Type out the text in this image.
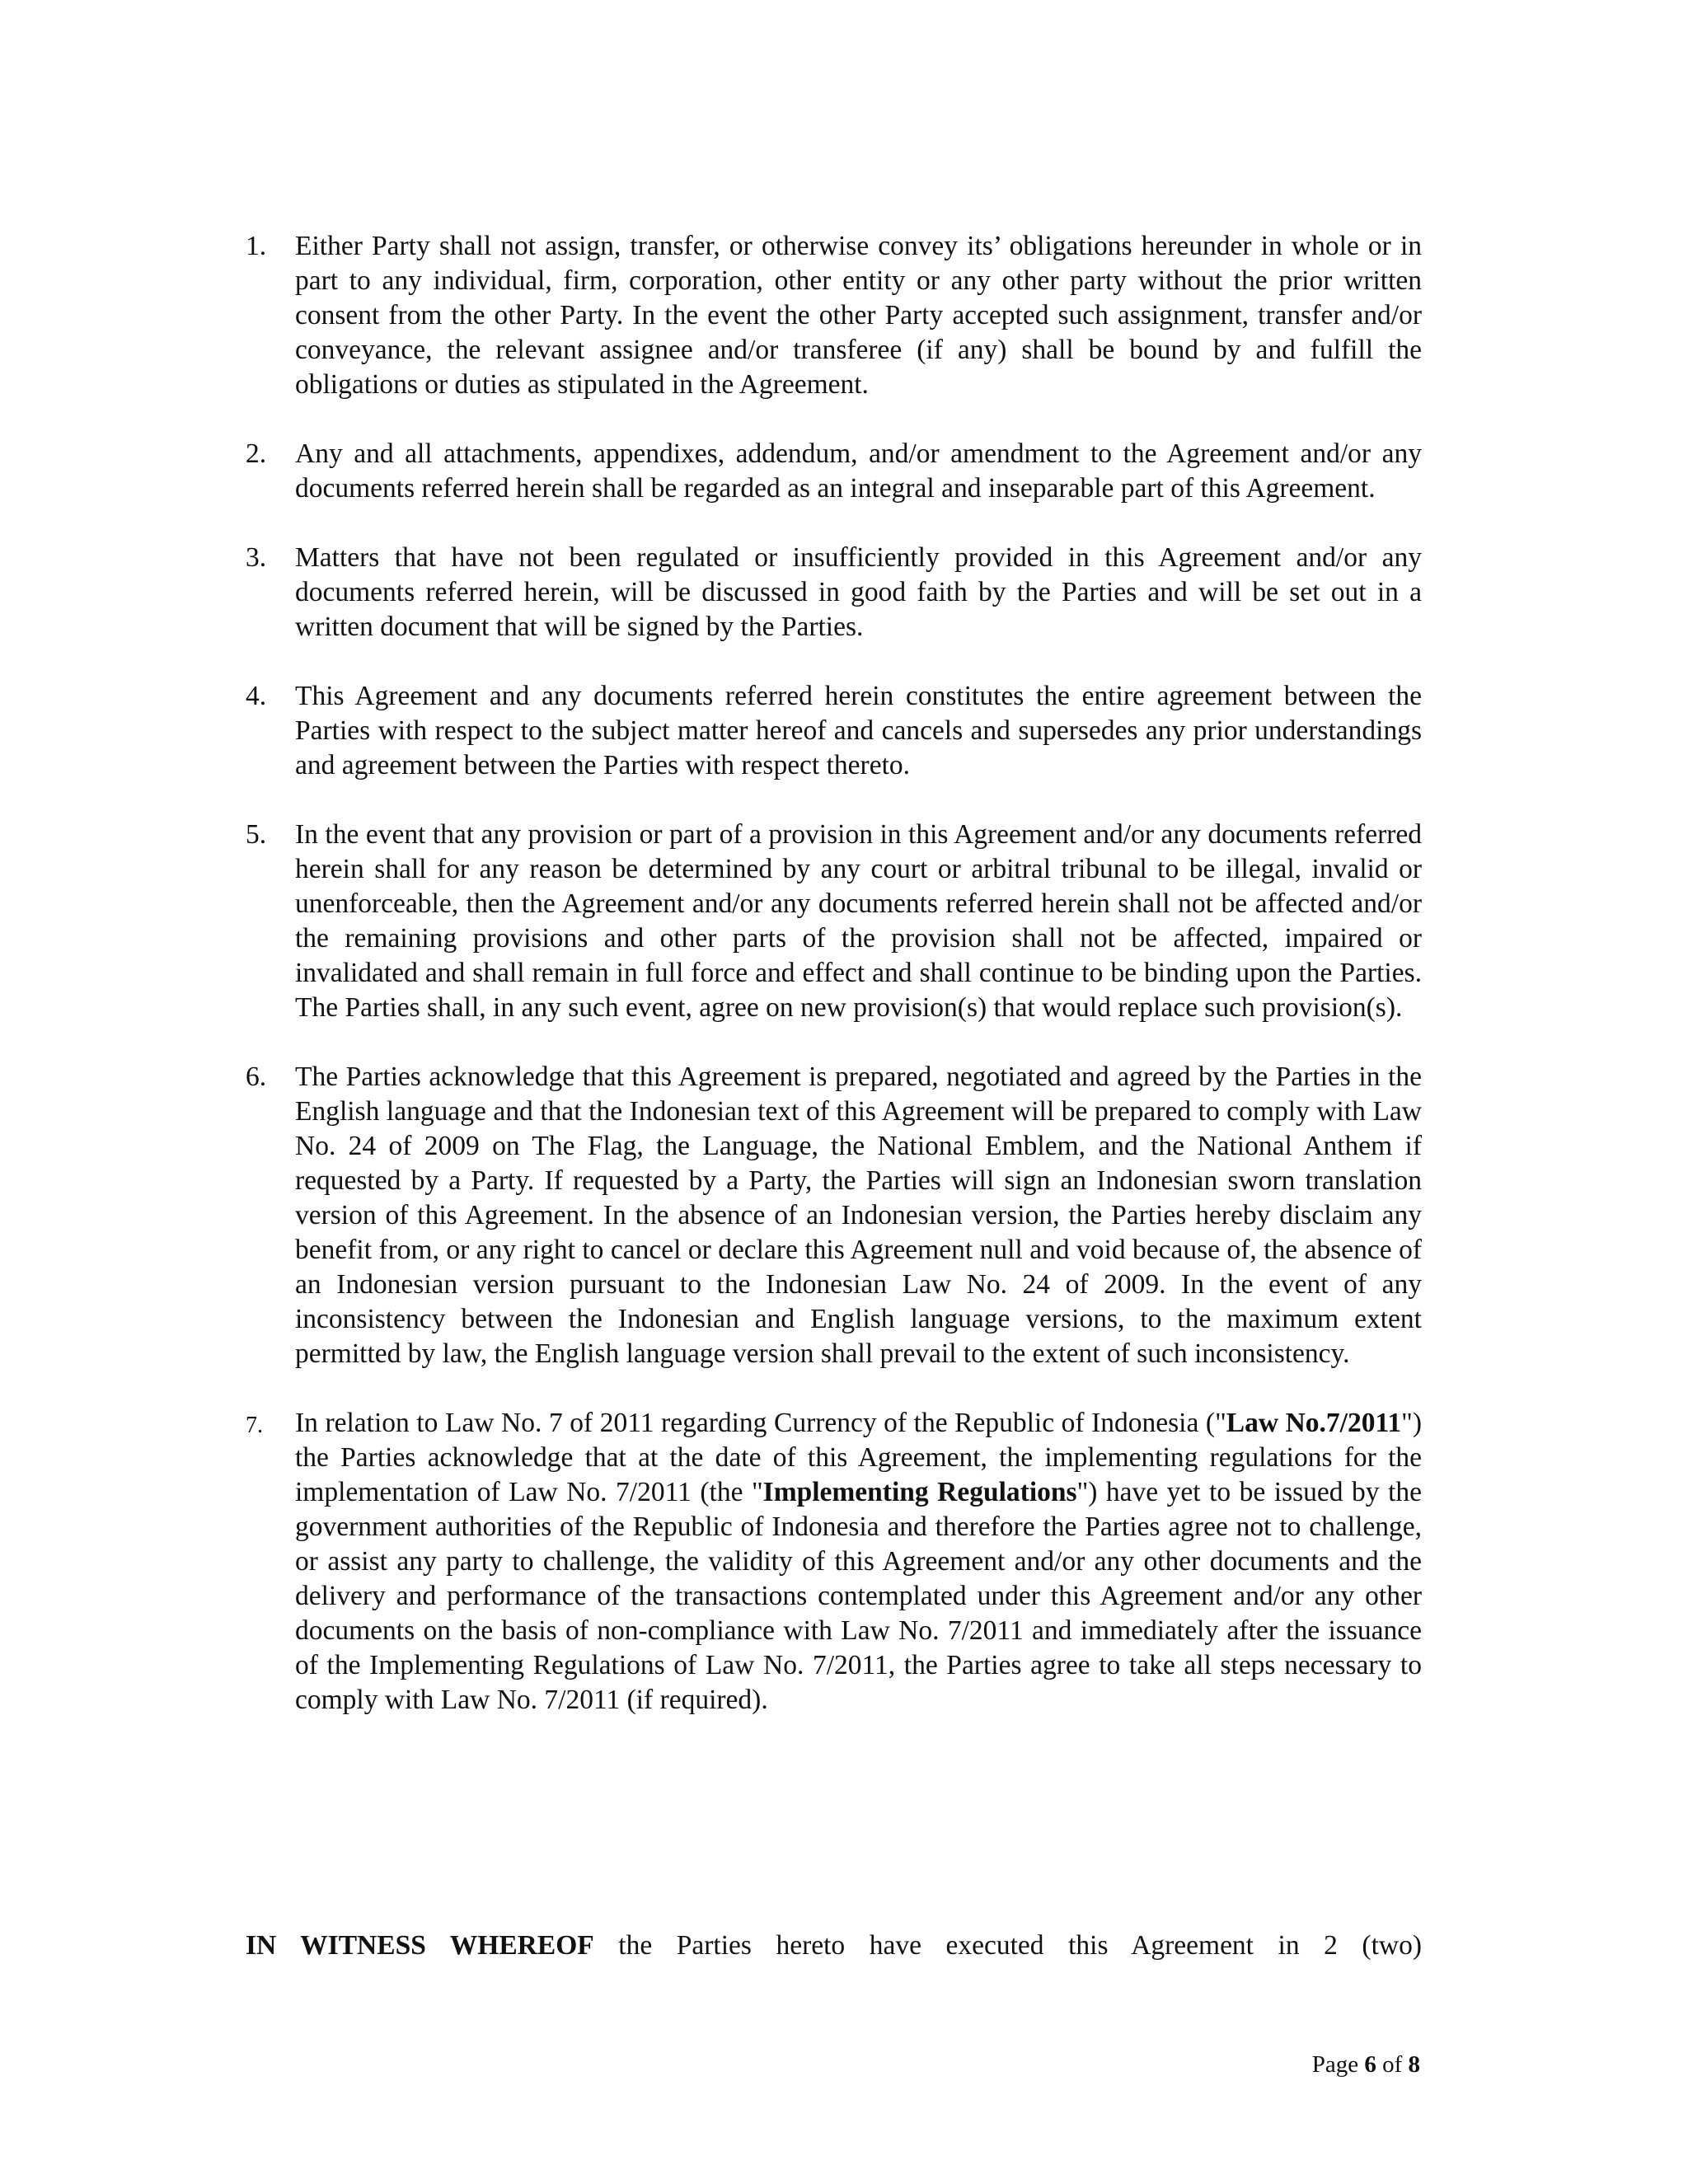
1. Either Party shall not assign, transfer, or otherwise convey its’ obligations hereunder in whole or in part to any individual, firm, corporation, other entity or any other party without the prior written consent from the other Party. In the event the other Party accepted such assignment, transfer and/or conveyance, the relevant assignee and/or transferee (if any) shall be bound by and fulfill the obligations or duties as stipulated in the Agreement.
2. Any and all attachments, appendixes, addendum, and/or amendment to the Agreement and/or any documents referred herein shall be regarded as an integral and inseparable part of this Agreement.
3. Matters that have not been regulated or insufficiently provided in this Agreement and/or any documents referred herein, will be discussed in good faith by the Parties and will be set out in a written document that will be signed by the Parties.
4. This Agreement and any documents referred herein constitutes the entire agreement between the Parties with respect to the subject matter hereof and cancels and supersedes any prior understandings and agreement between the Parties with respect thereto.
5. In the event that any provision or part of a provision in this Agreement and/or any documents referred herein shall for any reason be determined by any court or arbitral tribunal to be illegal, invalid or unenforceable, then the Agreement and/or any documents referred herein shall not be affected and/or the remaining provisions and other parts of the provision shall not be affected, impaired or invalidated and shall remain in full force and effect and shall continue to be binding upon the Parties. The Parties shall, in any such event, agree on new provision(s) that would replace such provision(s).
6. The Parties acknowledge that this Agreement is prepared, negotiated and agreed by the Parties in the English language and that the Indonesian text of this Agreement will be prepared to comply with Law No. 24 of 2009 on The Flag, the Language, the National Emblem, and the National Anthem if requested by a Party. If requested by a Party, the Parties will sign an Indonesian sworn translation version of this Agreement. In the absence of an Indonesian version, the Parties hereby disclaim any benefit from, or any right to cancel or declare this Agreement null and void because of, the absence of an Indonesian version pursuant to the Indonesian Law No. 24 of 2009. In the event of any inconsistency between the Indonesian and English language versions, to the maximum extent permitted by law, the English language version shall prevail to the extent of such inconsistency.
7. In relation to Law No. 7 of 2011 regarding Currency of the Republic of Indonesia ("Law No.7/2011") the Parties acknowledge that at the date of this Agreement, the implementing regulations for the implementation of Law No. 7/2011 (the "Implementing Regulations") have yet to be issued by the government authorities of the Republic of Indonesia and therefore the Parties agree not to challenge, or assist any party to challenge, the validity of this Agreement and/or any other documents and the delivery and performance of the transactions contemplated under this Agreement and/or any other documents on the basis of non-compliance with Law No. 7/2011 and immediately after the issuance of the Implementing Regulations of Law No. 7/2011, the Parties agree to take all steps necessary to comply with Law No. 7/2011 (if required).
IN WITNESS WHEREOF the Parties hereto have executed this Agreement in 2 (two)
Page 6 of 8
